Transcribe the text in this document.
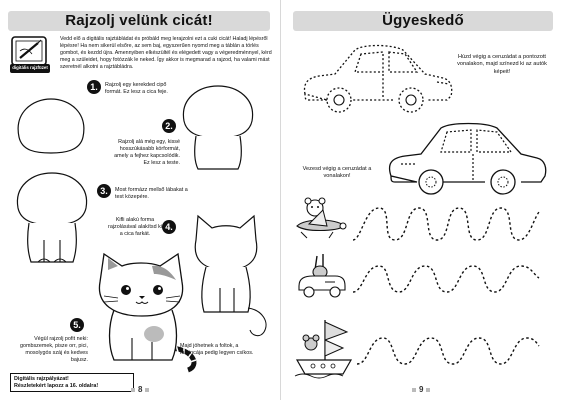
Rajzolj velünk cicát!
digitális rajzfüzet
Vedd elő a digitális rajztábládat és próbáld meg lerajzolni ezt a cuki cicát! Haladj lépésről lépésre! Ha nem sikerül elsőre, az sem baj, egyszerűen nyomd meg a táblán a törlés gombot, és kezdd újra. Amennyiben elkészültél és elégedett vagy a végeredménnyel, kérd meg a szüleidet, hogy fotózzák le neked. Így akkor is megmarad a rajzod, ha valami mást szeretnél alkotni a rajztábládra.
1.	Rajzolj egy kerekded cipő formát. Ez lesz a cica feje.
2.
Rajzolj alá még egy, kissé hosszúkásabb körformát, amely a fejhez kapcsolódik. Ez lesz a teste.
3.	Most formázz mellső lábakat a test közepére.
4.
Kifli alakú forma rajzolásával alakítsd ki a cica farkát.
5.
Végül rajzolj pofit neki: gombszemek, pisze orr, pici, mosolygós száj és kedves bajusz.
Majd jöhetnek a foltok, a farkincája pedig legyen csíkos.
Digitális rajzpályázat!
Részletekért lapozz a 16. oldalra!	8
Ügyeskedő
Húzd végig a ceruzádat a pontozott vonalakon, majd színezd ki az autók képeit!
Vezesd végig a ceruzádat a vonalakon!
9
